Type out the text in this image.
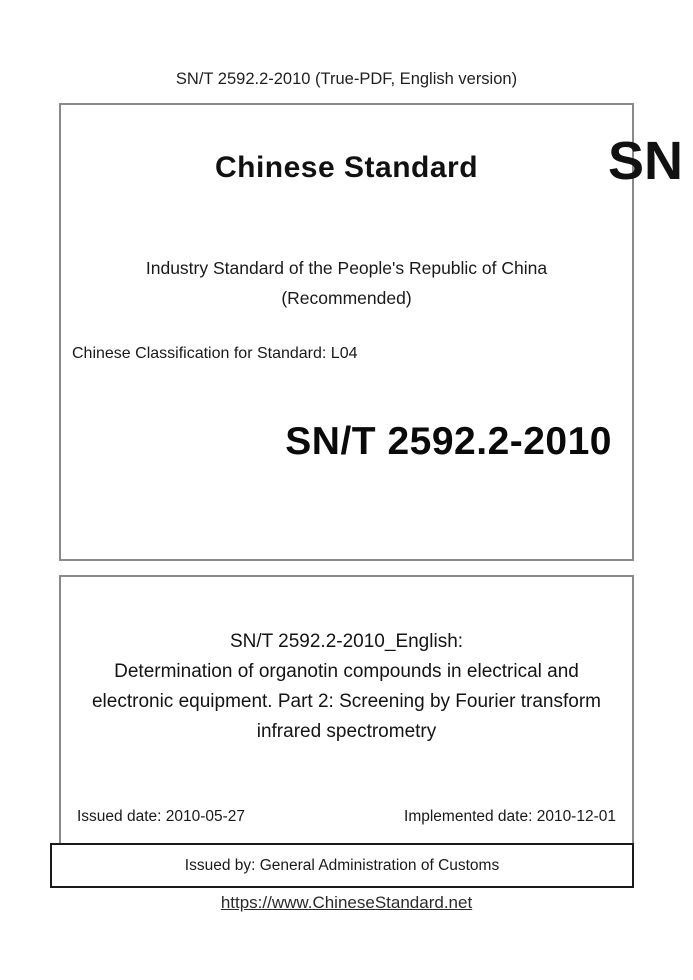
SN/T 2592.2-2010 (True-PDF, English version)
Chinese Standard	SN
Industry Standard of the People's Republic of China
(Recommended)
Chinese Classification for Standard: L04
SN/T 2592.2-2010
SN/T 2592.2-2010_English:
Determination of organotin compounds in electrical and
electronic equipment. Part 2: Screening by Fourier transform
infrared spectrometry
Issued date: 2010-05-27	Implemented date: 2010-12-01
Issued by: General Administration of Customs
https://www.ChineseStandard.net
